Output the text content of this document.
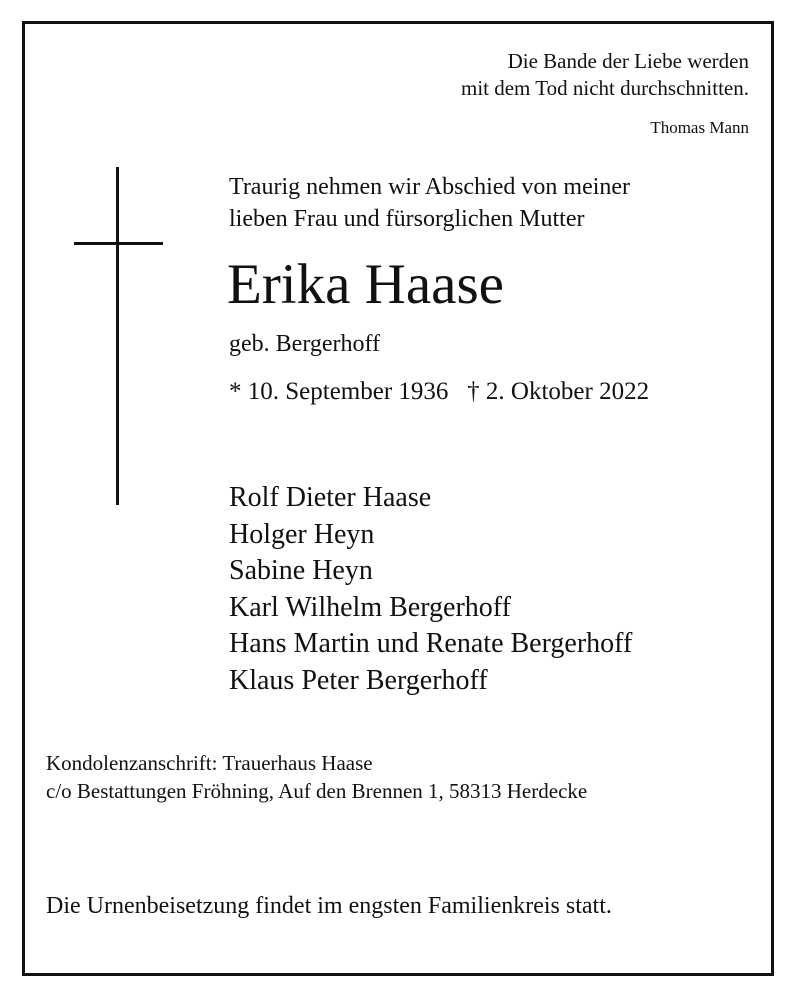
Die Bande der Liebe werden
mit dem Tod nicht durchschnitten.
Thomas Mann
Traurig nehmen wir Abschied von meiner
lieben Frau und fürsorglichen Mutter
Erika Haase
geb. Bergerhoff
* 10. September 1936   † 2. Oktober 2022
Rolf Dieter Haase
Holger Heyn
Sabine Heyn
Karl Wilhelm Bergerhoff
Hans Martin und Renate Bergerhoff
Klaus Peter Bergerhoff
Kondolenzanschrift: Trauerhaus Haase
c/o Bestattungen Fröhning, Auf den Brennen 1, 58313 Herdecke
Die Urnenbeisetzung findet im engsten Familienkreis statt.
